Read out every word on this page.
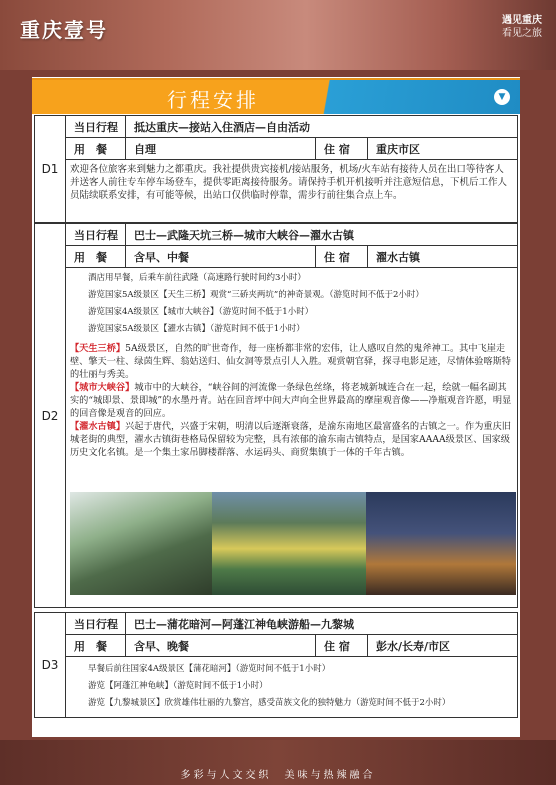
重庆壹号	遇见重庆
看见之旅
行程安排	▼
D1
当日行程	抵达重庆—接站入住酒店—自由活动
用　餐	自理	住 宿	重庆市区
欢迎各位旅客来到魅力之都重庆。我社提供贵宾接机/接站服务，机场/火车站有接待人员在出口等待客人并送客人前往专车停车场登车，提供零距离接待服务。请保持手机开机接听并注意短信息，下机后工作人员陆续联系安排，有可能等候，出站口仅供临时停靠，需步行前往集合点上车。
D2
当日行程	巴士—武隆天坑三桥—城市大峡谷—濯水古镇
用　餐	含早、中餐	住 宿	濯水古镇
酒店用早餐，后乘车前往武隆（高速路行驶时间约3小时）
游览国家5A级景区【天生三桥】观赏“三硚夹两坑”的神奇景观。（游览时间不低于2小时）
游览国家4A级景区【城市大峡谷】（游览时间不低于1小时）
游览国家5A级景区【濯水古镇】（游览时间不低于1小时）
【天生三桥】5A级景区，自然的旷世奇作，每一座桥都非常的宏伟，让人感叹自然的鬼斧神工。其中飞崖走壁、擎天一柱、绿茵生辉、翁姑送归、仙女洞等景点引人入胜。观赏朝官驿，探寻电影足迹，尽情体验喀斯特的壮丽与秀美。
【城市大峡谷】城市中的大峡谷，“峡谷间的河流像一条绿色丝绦，将老城新城连合在一起，绘就一幅名副其实的“城即景、景即城”的水墨丹青。站在回音坪中间大声向全世界最高的摩崖观音像——净瓶观音许愿，明显的回音像是观音的回应。
【濯水古镇】兴起于唐代，兴盛于宋朝，明清以后逐渐衰落，是渝东南地区最富盛名的古镇之一。作为重庆旧城老街的典型，濯水古镇街巷格局保留较为完整，具有浓郁的渝东南古镇特点，是国家AAAA级景区、国家级历史文化名镇。是一个集土家吊脚楼群落、水运码头、商贸集镇于一体的千年古镇。
D3
当日行程	巴士—蒲花暗河—阿蓬江神龟峡游船—九黎城
用　餐	含早、晚餐	住 宿	彭水/长寿/市区
早餐后前往国家4A级景区【蒲花暗河】（游览时间不低于1小时）
游览【阿蓬江神龟峡】（游览时间不低于1小时）
游览【九黎城景区】欣赏雄伟壮丽的九黎宫，感受苗族文化的独特魅力（游览时间不低于2小时）
多彩与人文交织　美味与热辣融合
